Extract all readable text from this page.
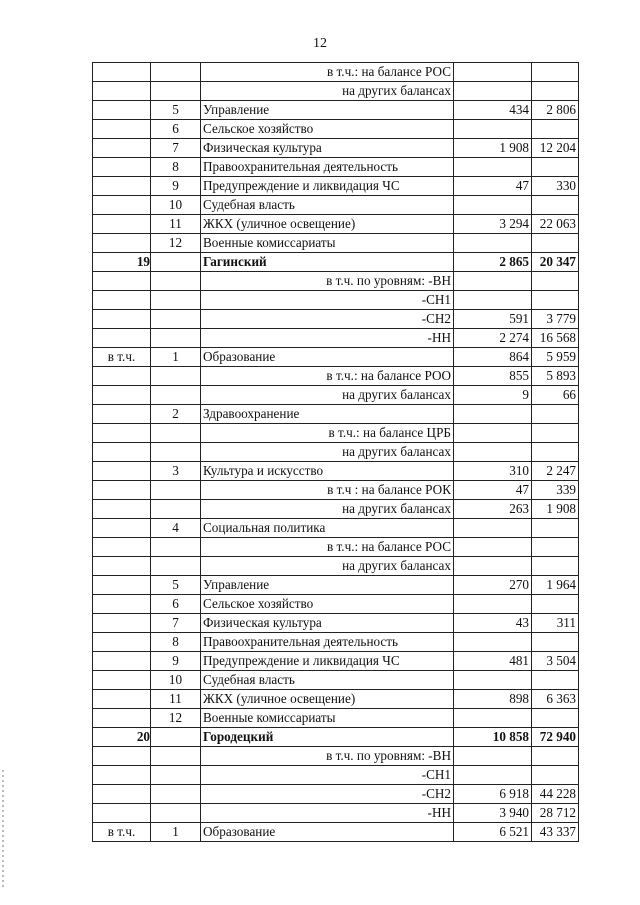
12
		в т.ч.: на балансе РОС		
		на других балансах		
	5	Управление	434	2 806
	6	Сельское хозяйство		
	7	Физическая культура	1 908	12 204
	8	Правоохранительная деятельность		
	9	Предупреждение и ликвидация ЧС	47	330
	10	Судебная власть		
	11	ЖКХ (уличное освещение)	3 294	22 063
	12	Военные комиссариаты		
19		Гагинский	2 865	20 347
		в т.ч. по уровням: -ВН		
		-СН1		
		-СН2	591	3 779
		-НН	2 274	16 568
в т.ч.	1	Образование	864	5 959
		в т.ч.: на балансе РОО	855	5 893
		на других балансах	9	66
	2	Здравоохранение		
		в т.ч.: на балансе ЦРБ		
		на других балансах		
	3	Культура и искусство	310	2 247
		в т.ч : на балансе РОК	47	339
		на других балансах	263	1 908
	4	Социальная политика		
		в т.ч.: на балансе РОС		
		на других балансах		
	5	Управление	270	1 964
	6	Сельское хозяйство		
	7	Физическая культура	43	311
	8	Правоохранительная деятельность		
	9	Предупреждение и ликвидация ЧС	481	3 504
	10	Судебная власть		
	11	ЖКХ (уличное освещение)	898	6 363
	12	Военные комиссариаты		
20		Городецкий	10 858	72 940
		в т.ч. по уровням: -ВН		
		-СН1		
		-СН2	6 918	44 228
		-НН	3 940	28 712
в т.ч.	1	Образование	6 521	43 337
